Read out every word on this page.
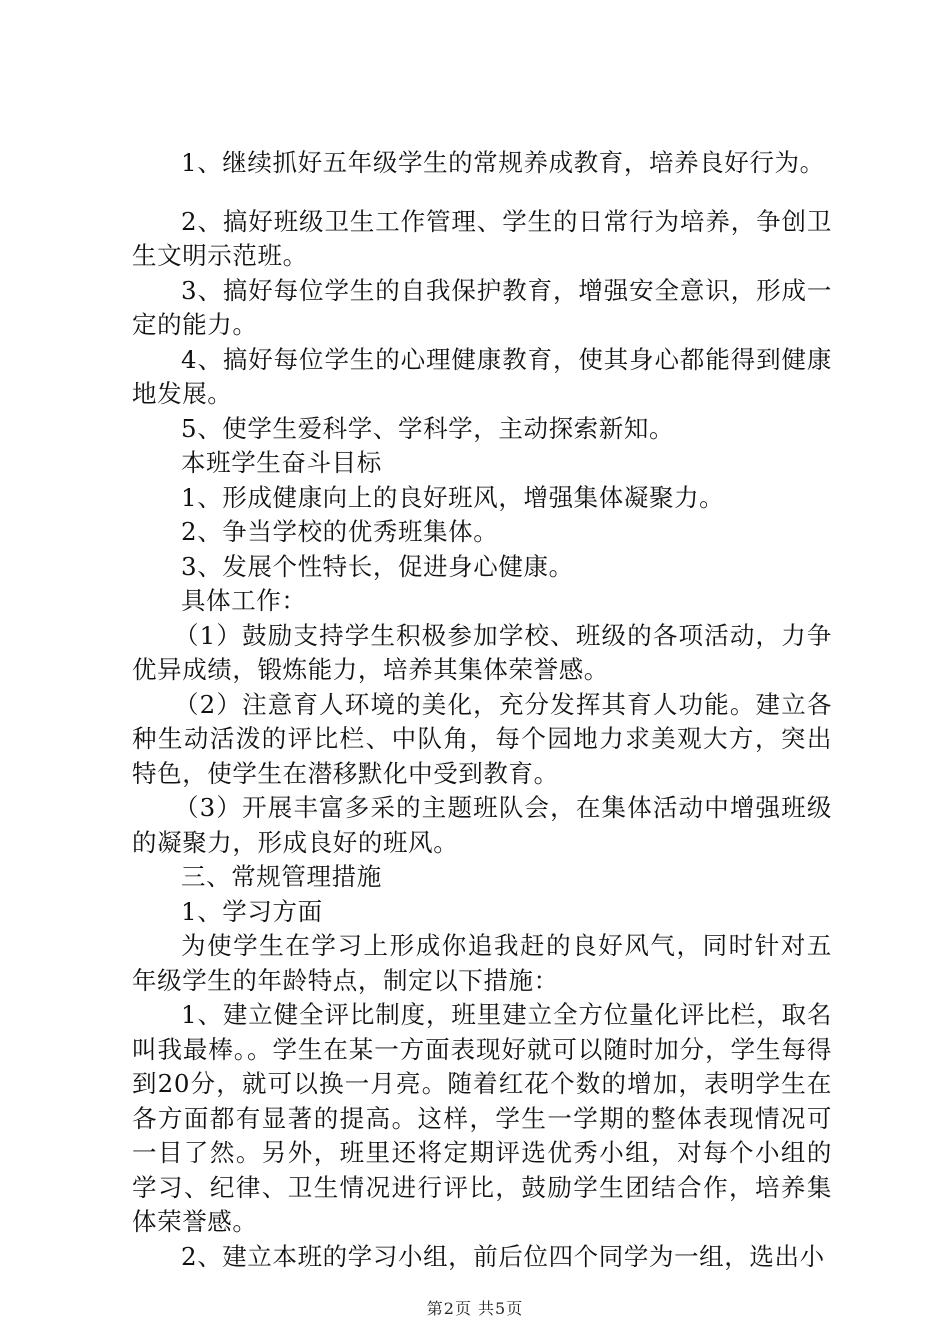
1、继续抓好五年级学生的常规养成教育，培养良好行为。

2、搞好班级卫生工作管理、学生的日常行为培养，争创卫生文明示范班。

3、搞好每位学生的自我保护教育，增强安全意识，形成一定的能力。

4、搞好每位学生的心理健康教育，使其身心都能得到健康地发展。

5、使学生爱科学、学科学，主动探索新知。

本班学生奋斗目标

1、形成健康向上的良好班风，增强集体凝聚力。

2、争当学校的优秀班集体。

3、发展个性特长，促进身心健康。

具体工作：

（1）鼓励支持学生积极参加学校、班级的各项活动，力争优异成绩，锻炼能力，培养其集体荣誉感。

（2）注意育人环境的美化，充分发挥其育人功能。建立各种生动活泼的评比栏、中队角，每个园地力求美观大方，突出特色，使学生在潜移默化中受到教育。

（3）开展丰富多采的主题班队会，在集体活动中增强班级的凝聚力，形成良好的班风。

三、常规管理措施

1、学习方面

为使学生在学习上形成你追我赶的良好风气，同时针对五年级学生的年龄特点，制定以下措施：

1、建立健全评比制度，班里建立全方位量化评比栏，取名叫我最棒。。学生在某一方面表现好就可以随时加分，学生每得到20分，就可以换一月亮。随着红花个数的增加，表明学生在各方面都有显著的提高。这样，学生一学期的整体表现情况可一目了然。另外，班里还将定期评选优秀小组，对每个小组的学习、纪律、卫生情况进行评比，鼓励学生团结合作，培养集体荣誉感。

2、建立本班的学习小组，前后位四个同学为一组，选出小

第2页 共5页
